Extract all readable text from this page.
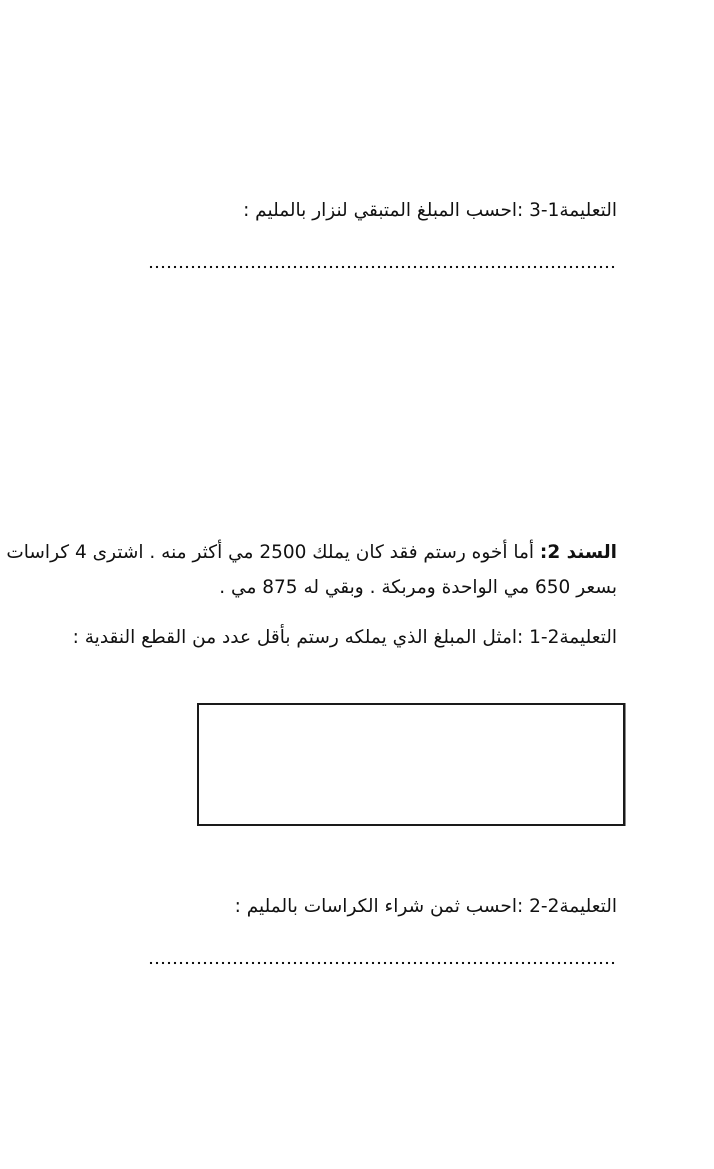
التعليمة1-3 :احسب المبلغ المتبقي لنزار بالمليم :
السند 2: أما أخوه رستم فقد كان يملك 2500 مي أكثر منه . اشترى 4 كراسات
بسعر 650 مي الواحدة ومربكة . وبقي له 875 مي .
التعليمة2-1 :امثل المبلغ الذي يملكه رستم بأقل عدد من القطع النقدية :
التعليمة2-2 :احسب ثمن شراء الكراسات بالمليم :
